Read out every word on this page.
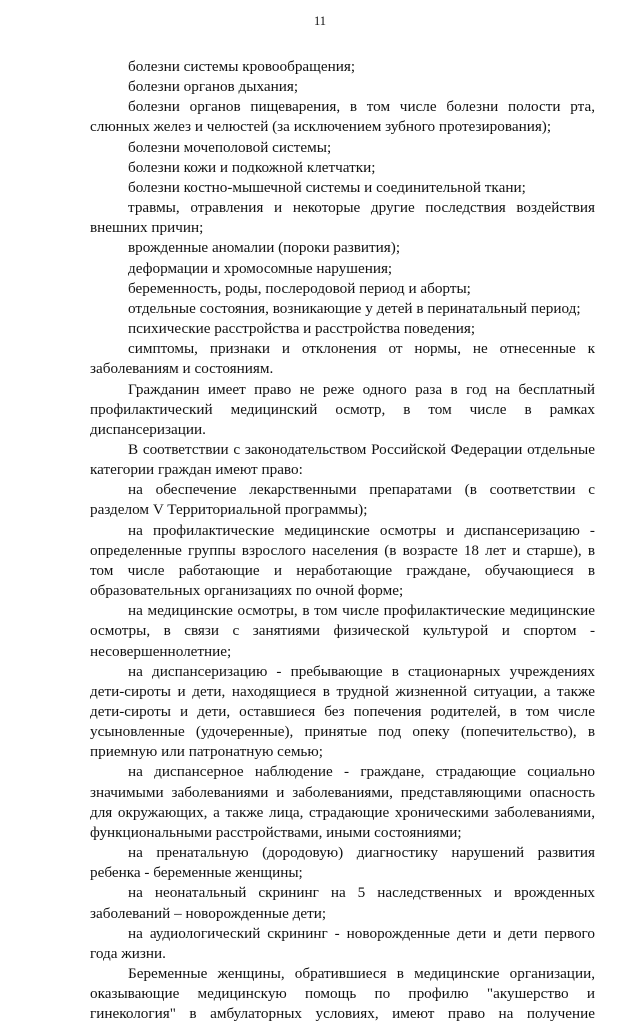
11

болезни системы кровообращения;

болезни органов дыхания;

болезни органов пищеварения, в том числе болезни полости рта, слюнных желез и челюстей (за исключением зубного протезирования);

болезни мочеполовой системы;

болезни кожи и подкожной клетчатки;

болезни костно-мышечной системы и соединительной ткани;

травмы, отравления и некоторые другие последствия воздействия внешних причин;

врожденные аномалии (пороки развития);

деформации и хромосомные нарушения;

беременность, роды, послеродовой период и аборты;

отдельные состояния, возникающие у детей в перинатальный период;

психические расстройства и расстройства поведения;

симптомы, признаки и отклонения от нормы, не отнесенные к заболеваниям и состояниям.

Гражданин имеет право не реже одного раза в год на бесплатный профилактический медицинский осмотр, в том числе в рамках диспансеризации.

В соответствии с законодательством Российской Федерации отдельные категории граждан имеют право:

на обеспечение лекарственными препаратами (в соответствии с разделом V Территориальной программы);

на профилактические медицинские осмотры и диспансеризацию - определенные группы взрослого населения (в возрасте 18 лет и старше), в том числе работающие и неработающие граждане, обучающиеся в образовательных организациях по очной форме;

на медицинские осмотры, в том числе профилактические медицинские осмотры, в связи с занятиями физической культурой и спортом - несовершеннолетние;

на диспансеризацию - пребывающие в стационарных учреждениях дети-сироты и дети, находящиеся в трудной жизненной ситуации, а также дети-сироты и дети, оставшиеся без попечения родителей, в том числе усыновленные (удочеренные), принятые под опеку (попечительство), в приемную или патронатную семью;

на диспансерное наблюдение - граждане, страдающие социально значимыми заболеваниями и заболеваниями, представляющими опасность для окружающих, а также лица, страдающие хроническими заболеваниями, функциональными расстройствами, иными состояниями;

на пренатальную (дородовую) диагностику нарушений развития ребенка - беременные женщины;

на неонатальный скрининг на 5 наследственных и врожденных заболеваний – новорожденные дети;

на аудиологический скрининг - новорожденные дети и дети первого года жизни.

Беременные женщины, обратившиеся в медицинские организации, оказывающие медицинскую помощь по профилю "акушерство и гинекология" в амбулаторных условиях, имеют право на получение
